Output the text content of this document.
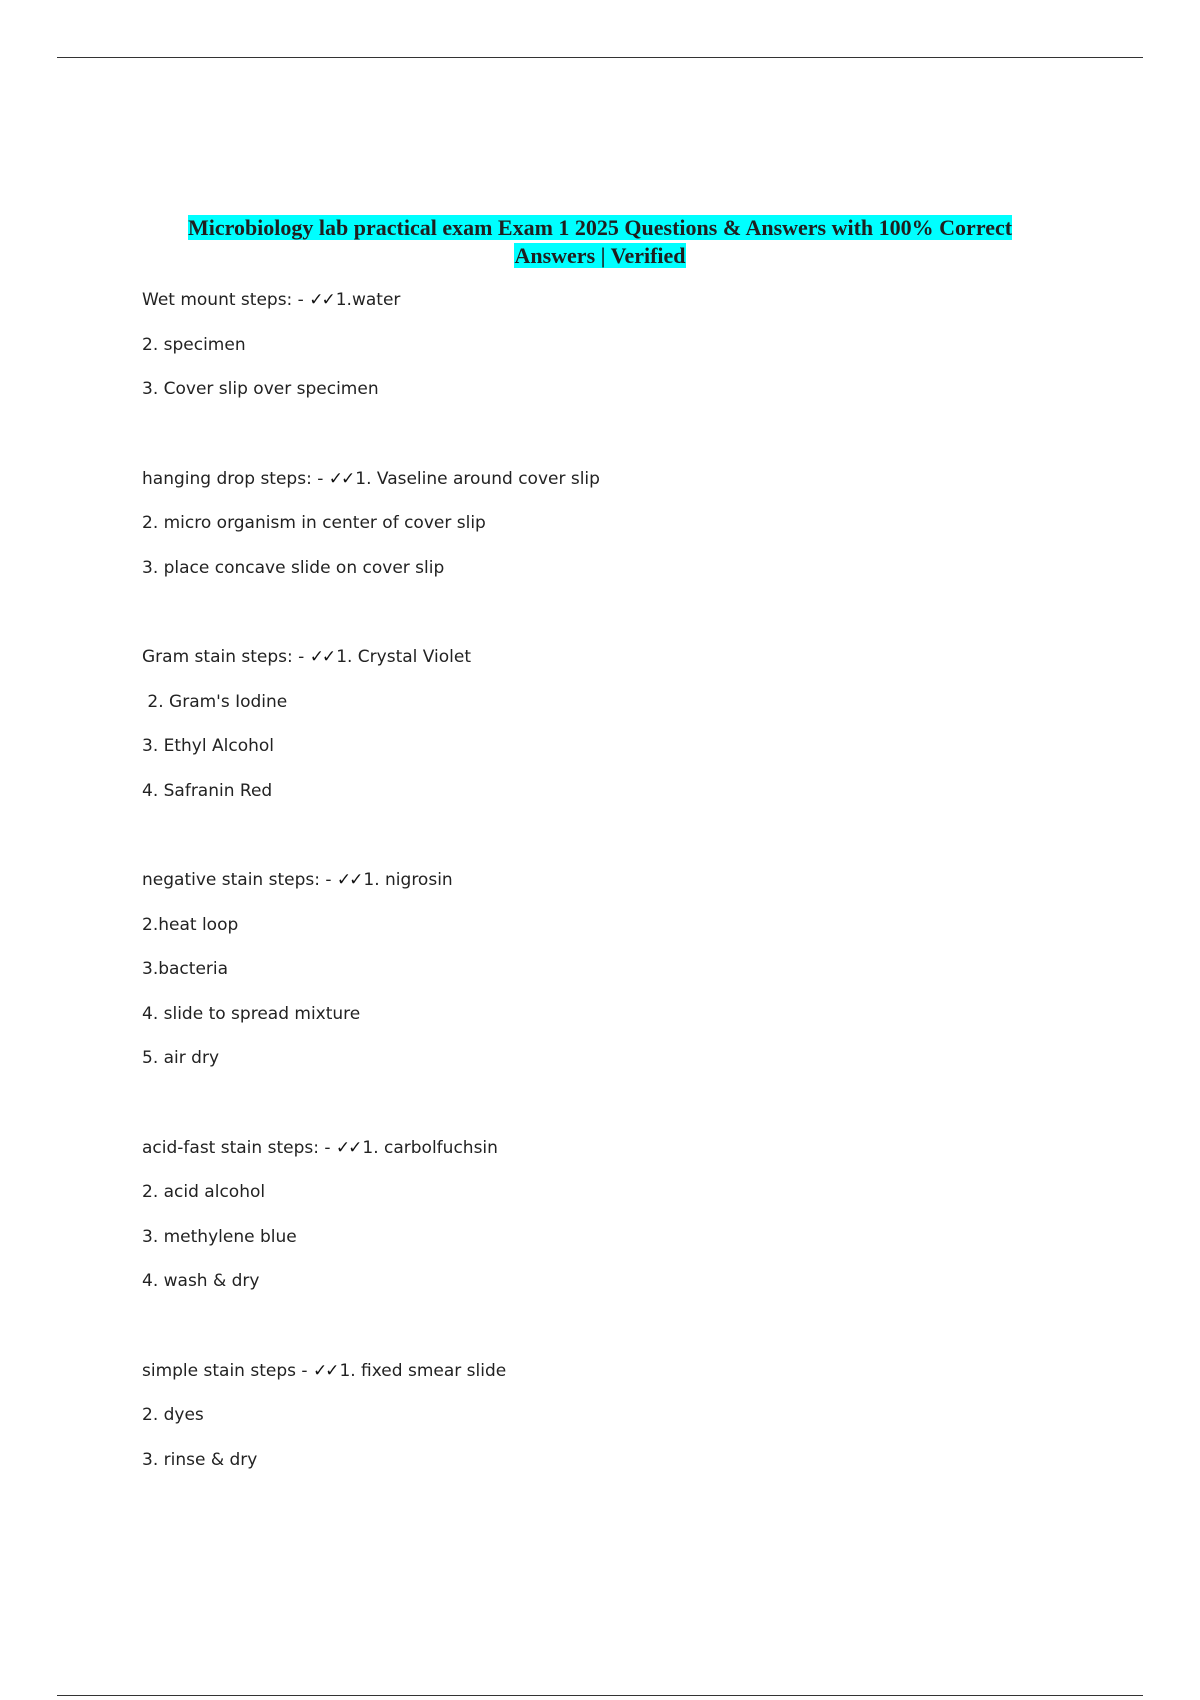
Microbiology lab practical exam Exam 1 2025 Questions & Answers with 100% Correct
Answers | Verified
Wet mount steps: - ✓✓ 1.water
2. specimen
3. Cover slip over specimen
hanging drop steps: - ✓✓ 1. Vaseline around cover slip
2. micro organism in center of cover slip
3. place concave slide on cover slip
Gram stain steps: - ✓✓ 1. Crystal Violet
2. Gram's Iodine
3. Ethyl Alcohol
4. Safranin Red
negative stain steps: - ✓✓ 1. nigrosin
2.heat loop
3.bacteria
4. slide to spread mixture
5. air dry
acid-fast stain steps: - ✓✓ 1. carbolfuchsin
2. acid alcohol
3. methylene blue
4. wash & dry
simple stain steps - ✓✓ 1. fixed smear slide
2. dyes
3. rinse & dry
